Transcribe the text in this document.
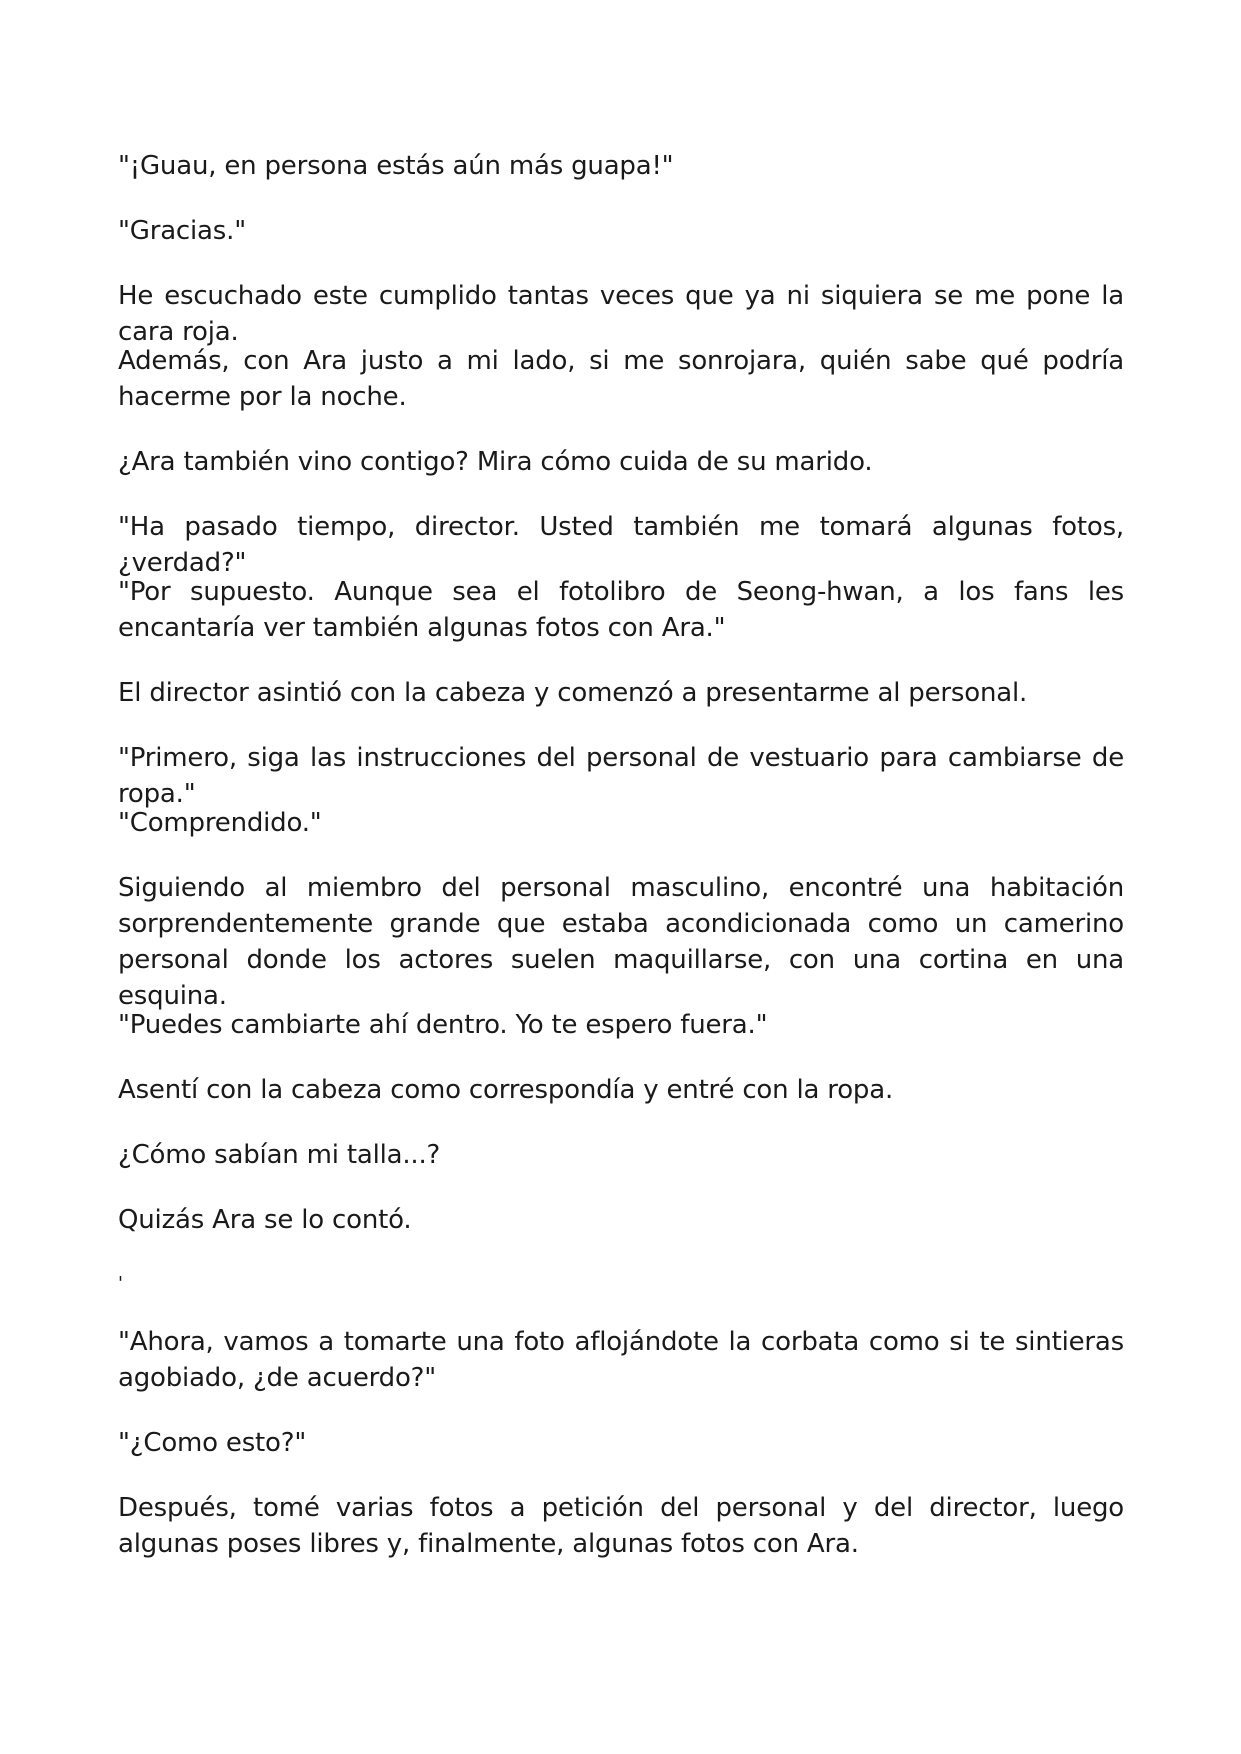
"¡Guau, en persona estás aún más guapa!"

"Gracias."

He escuchado este cumplido tantas veces que ya ni siquiera se me pone la cara roja.

Además, con Ara justo a mi lado, si me sonrojara, quién sabe qué podría hacerme por la noche.

¿Ara también vino contigo? Mira cómo cuida de su marido.

"Ha pasado tiempo, director. Usted también me tomará algunas fotos, ¿verdad?"

"Por supuesto. Aunque sea el fotolibro de Seong-hwan, a los fans les encantaría ver también algunas fotos con Ara."

El director asintió con la cabeza y comenzó a presentarme al personal.

"Primero, siga las instrucciones del personal de vestuario para cambiarse de ropa."

"Comprendido."

Siguiendo al miembro del personal masculino, encontré una habitación sorprendentemente grande que estaba acondicionada como un camerino personal donde los actores suelen maquillarse, con una cortina en una esquina.

"Puedes cambiarte ahí dentro. Yo te espero fuera."

Asentí con la cabeza como correspondía y entré con la ropa.

¿Cómo sabían mi talla...?

Quizás Ara se lo contó.

'

"Ahora, vamos a tomarte una foto aflojándote la corbata como si te sintieras agobiado, ¿de acuerdo?"

"¿Como esto?"

Después, tomé varias fotos a petición del personal y del director, luego algunas poses libres y, finalmente, algunas fotos con Ara.
